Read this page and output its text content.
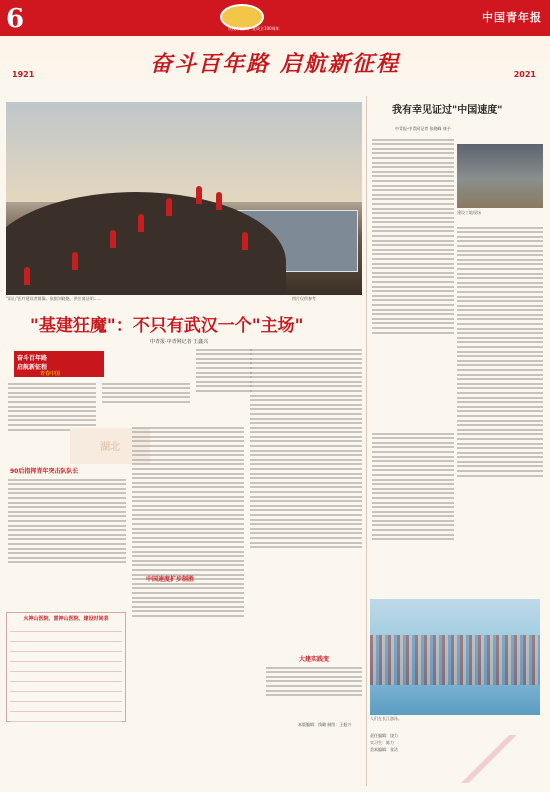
6	庆祝中国共产党成立100周年
中国青年报
奋斗百年路 启航新征程
1921	2021
"雨山"医疗建设者群像。依据刘晓艳、供应商证明……	图片仅供参考
"基建狂魔"：不只有武汉一个"主场"
中青报·中青网记者 王鑫兴
奋斗百年路
启航新征程
青春中国
湖北
90后指挥青年突击队队长
火神山医院、雷神山医院、建设时间表
中国速度扩步制胜
大建实践变
本版编辑：钱璐 制图：王振兴
我有幸见证过"中国速度"
中青报·中青网记者 张晓峰 康予
建设工地现场
人们在长江游泳。
责任编辑：饶力
实习生：陈力
美术编辑：张洁
